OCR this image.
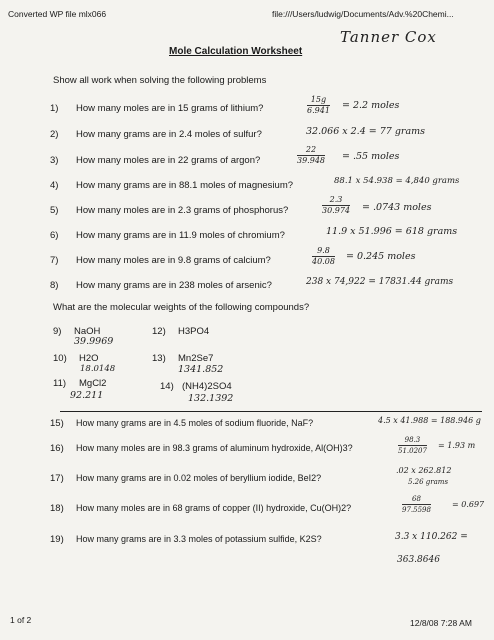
Converted WP file mlx066	file:///Users/ludwig/Documents/Adv.%20Chemi...
Tanner Cox
Mole Calculation Worksheet
Show all work when solving the following problems
1) How many moles are in 15 grams of lithium?	$\frac{15g}{6.941} = 2.2$ moles
2) How many grams are in 2.4 moles of sulfur?	32.066 x 2.4 = 77 grams
3) How many moles are in 22 grams of argon?	$\frac{22}{39.948} = .55$ moles
4) How many grams are in 88.1 moles of magnesium?	88.1 x 54.938 = 4,840 grams
5) How many moles are in 2.3 grams of phosphorus?	$\frac{2.3}{30.974} = .0743$ moles
6) How many grams are in 11.9 moles of chromium?	11.9 x 51.996 = 618 grams
7) How many moles are in 9.8 grams of calcium?	$\frac{9.8}{40.08} = 0.245$ moles
8) How many grams are in 238 moles of arsenic?	238 x 74,922 = 17831.44 grams
What are the molecular weights of the following compounds?
9) NaOH
39.9969
10) H2O
18.0148
11) MgCl2
92.211
12) H3PO4
13) Mn2Se7
1341.852
14) (NH4)2SO4
132.1392
15) How many grams are in 4.5 moles of sodium fluoride, NaF?	4.5 x 41.988 = 188.946 g
16) How many moles are in 98.3 grams of aluminum hydroxide, Al(OH)3?	$\frac{98.3}{51.0207} = 1.93$ m
17) How many grams are in 0.02 moles of beryllium iodide, BeI2?
.02 x 262.812
5.26 grams
18) How many moles are in 68 grams of copper (II) hydroxide, Cu(OH)2?	$\frac{68}{97.5598}$	= 0.697
19) How many grams are in 3.3 moles of potassium sulfide, K2S?	3.3 x 110.262 =
363.8646
1 of 2	12/8/08 7:28 AM
